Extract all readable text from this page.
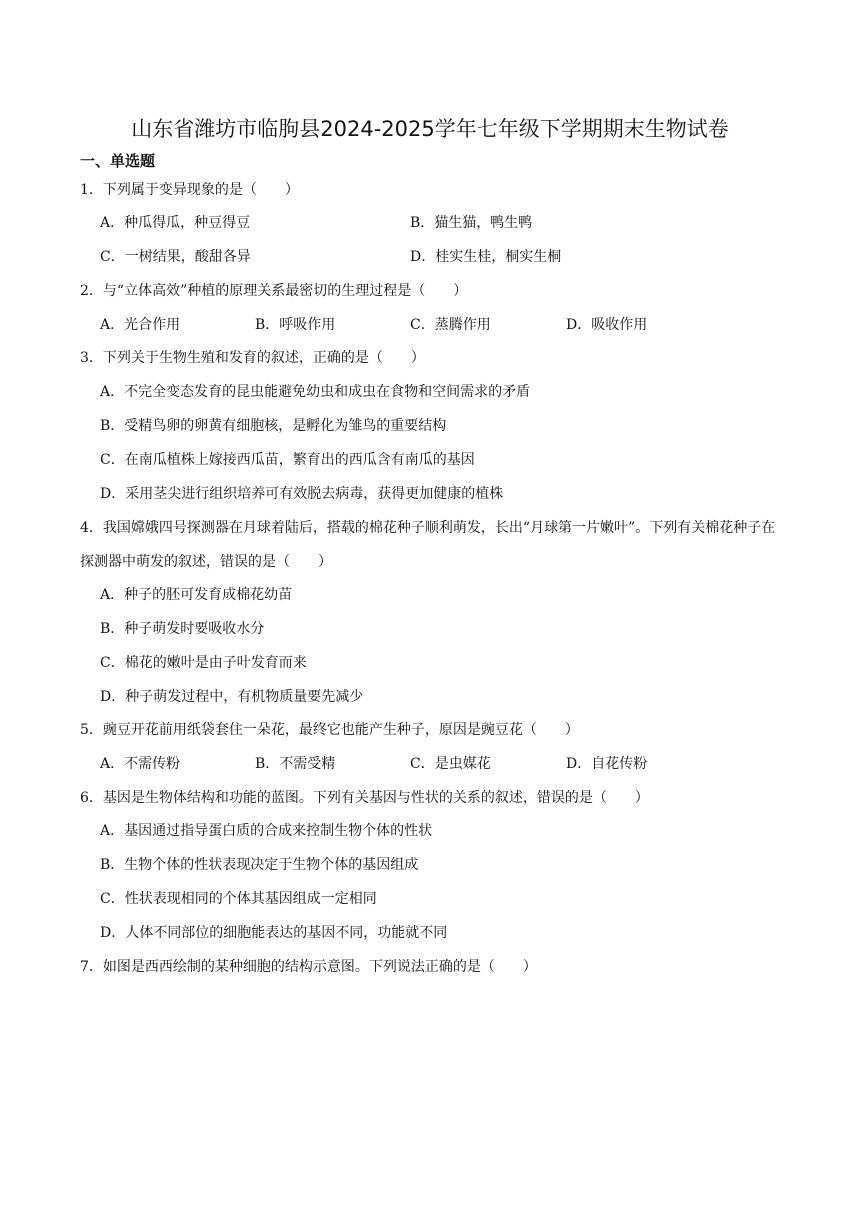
山东省潍坊市临朐县2024-2025学年七年级下学期期末生物试卷
一、单选题
1．下列属于变异现象的是（　　）
A．种瓜得瓜，种豆得豆	B．猫生猫，鸭生鸭
C．一树结果，酸甜各异	D．桂实生桂，桐实生桐
2．与“立体高效”种植的原理关系最密切的生理过程是（　　）
A．光合作用	B．呼吸作用	C．蒸腾作用	D．吸收作用
3．下列关于生物生殖和发育的叙述，正确的是（　　）
A．不完全变态发育的昆虫能避免幼虫和成虫在食物和空间需求的矛盾
B．受精鸟卵的卵黄有细胞核，是孵化为雏鸟的重要结构
C．在南瓜植株上嫁接西瓜苗，繁育出的西瓜含有南瓜的基因
D．采用茎尖进行组织培养可有效脱去病毒，获得更加健康的植株
4．我国嫦娥四号探测器在月球着陆后，搭载的棉花种子顺利萌发，长出“月球第一片嫩叶”。下列有关棉花种子在探测器中萌发的叙述，错误的是（　　）
A．种子的胚可发育成棉花幼苗
B．种子萌发时要吸收水分
C．棉花的嫩叶是由子叶发育而来
D．种子萌发过程中，有机物质量要先减少
5．豌豆开花前用纸袋套住一朵花，最终它也能产生种子，原因是豌豆花（　　）
A．不需传粉	B．不需受精	C．是虫媒花	D．自花传粉
6．基因是生物体结构和功能的蓝图。下列有关基因与性状的关系的叙述，错误的是（　　）
A．基因通过指导蛋白质的合成来控制生物个体的性状
B．生物个体的性状表现决定于生物个体的基因组成
C．性状表现相同的个体其基因组成一定相同
D．人体不同部位的细胞能表达的基因不同，功能就不同
7．如图是西西绘制的某种细胞的结构示意图。下列说法正确的是（　　）
